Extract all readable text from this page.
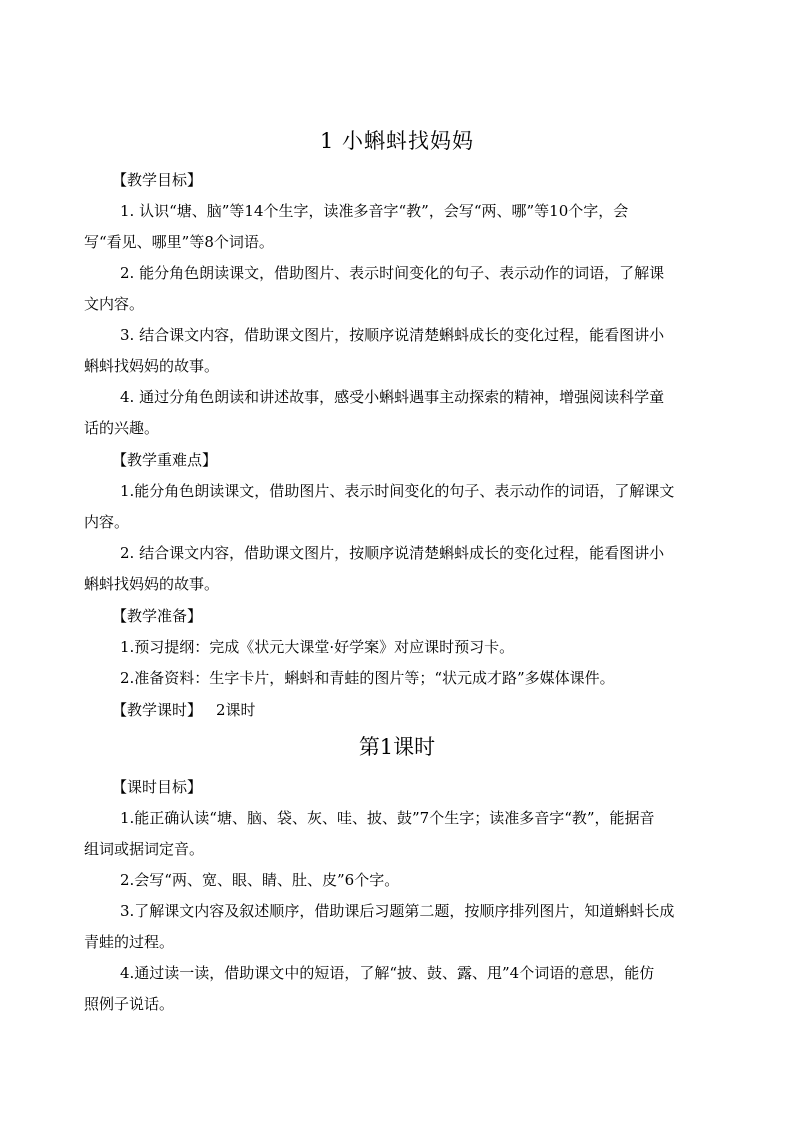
1 小蝌蚪找妈妈
【教学目标】
1. 认识“塘、脑”等14个生字，读准多音字“教”，会写“两、哪”等10个字，会
写“看见、哪里”等8个词语。
2. 能分角色朗读课文，借助图片、表示时间变化的句子、表示动作的词语，了解课
文内容。
3. 结合课文内容，借助课文图片，按顺序说清楚蝌蚪成长的变化过程，能看图讲小
蝌蚪找妈妈的故事。
4. 通过分角色朗读和讲述故事，感受小蝌蚪遇事主动探索的精神，增强阅读科学童
话的兴趣。
【教学重难点】
1.能分角色朗读课文，借助图片、表示时间变化的句子、表示动作的词语，了解课文
内容。
2. 结合课文内容，借助课文图片，按顺序说清楚蝌蚪成长的变化过程，能看图讲小
蝌蚪找妈妈的故事。
【教学准备】
1.预习提纲：完成《状元大课堂·好学案》对应课时预习卡。
2.准备资料：生字卡片，蝌蚪和青蛙的图片等；“状元成才路”多媒体课件。
【教学课时】 2课时
第1课时
【课时目标】
1.能正确认读“塘、脑、袋、灰、哇、披、鼓”7个生字；读准多音字“教”，能据音
组词或据词定音。
2.会写“两、宽、眼、睛、肚、皮”6个字。
3.了解课文内容及叙述顺序，借助课后习题第二题，按顺序排列图片，知道蝌蚪长成
青蛙的过程。
4.通过读一读，借助课文中的短语，了解“披、鼓、露、甩”4个词语的意思，能仿
照例子说话。
